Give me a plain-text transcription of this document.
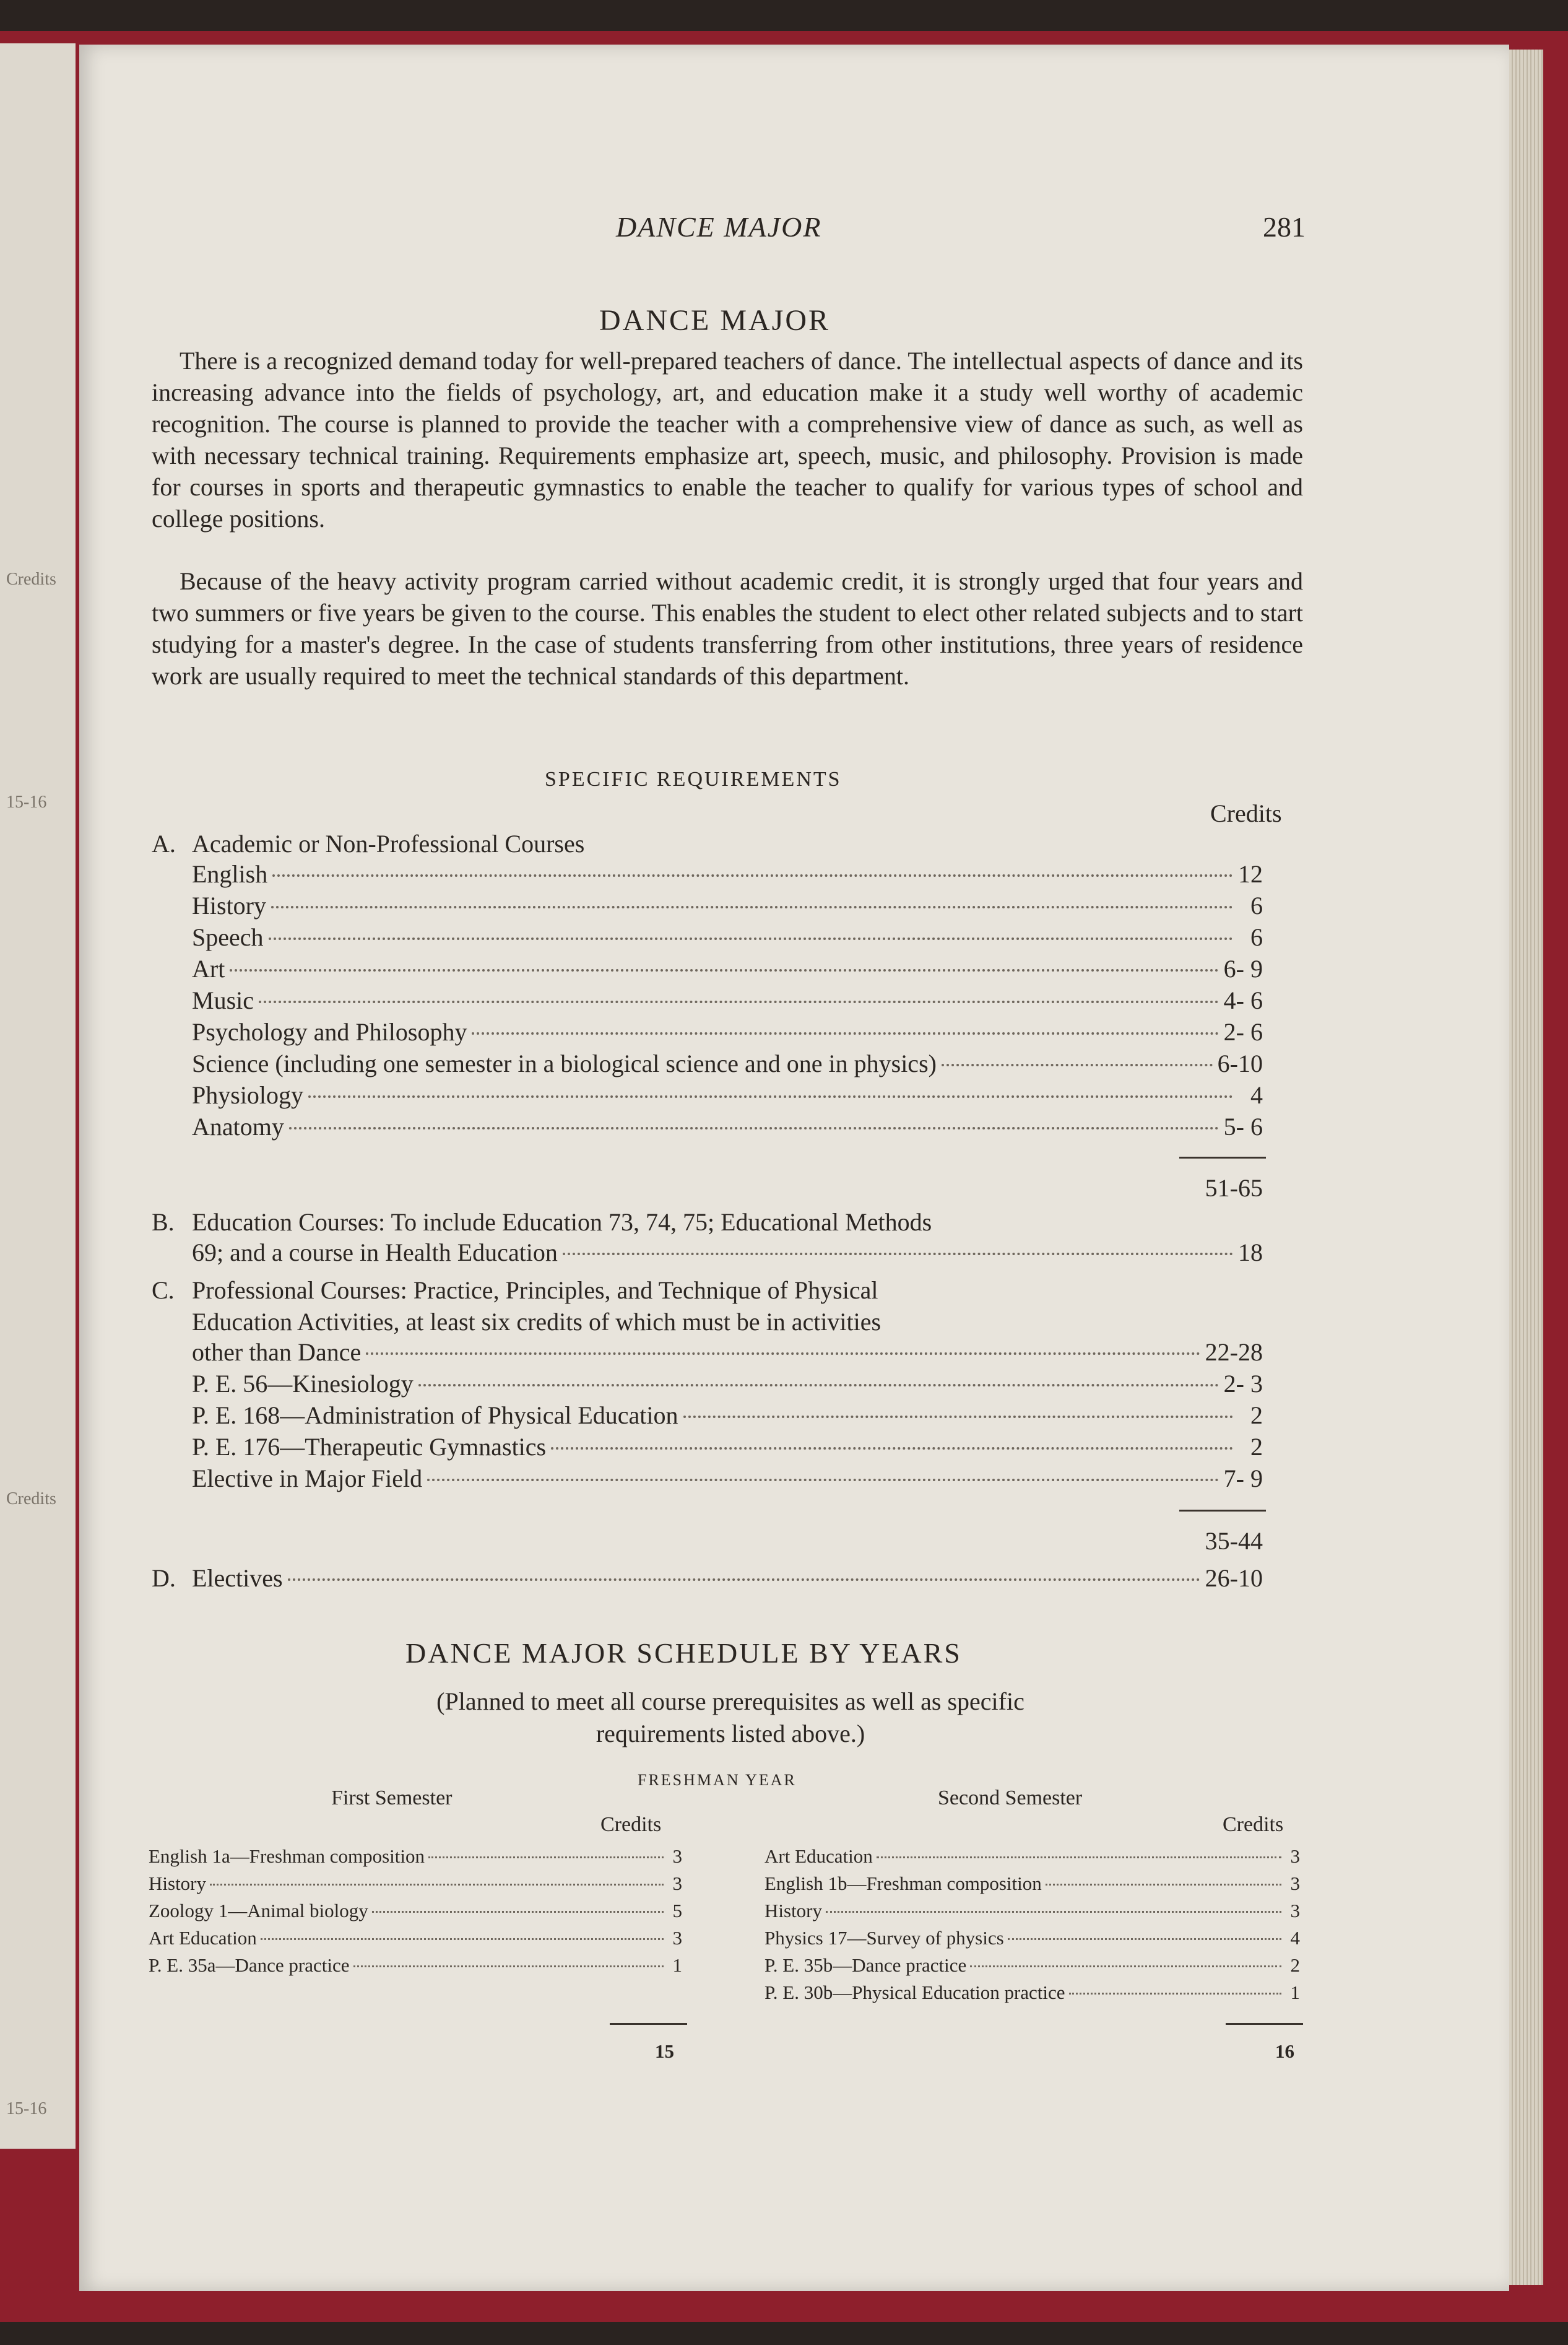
Credits
Credits
15-16
15-16
DANCE MAJOR	281
DANCE MAJOR

There is a recognized demand today for well-prepared teachers of dance. The intellectual aspects of dance and its increasing advance into the fields of psychology, art, and education make it a study well worthy of academic recognition. The course is planned to provide the teacher with a comprehensive view of dance as such, as well as with necessary technical training. Requirements emphasize art, speech, music, and philosophy. Provision is made for courses in sports and therapeutic gymnastics to enable the teacher to qualify for various types of school and college positions.

Because of the heavy activity program carried without academic credit, it is strongly urged that four years and two summers or five years be given to the course. This enables the student to elect other related subjects and to start studying for a master's degree. In the case of students transferring from other institutions, three years of residence work are usually required to meet the technical standards of this department.

SPECIFIC REQUIREMENTS
Credits
A. Academic or Non-Professional Courses
English	12
History	6
Speech	6
Art	6- 9
Music	4- 6
Psychology and Philosophy	2- 6
Science (including one semester in a biological science and one in physics)	6-10
Physiology	4
Anatomy	5- 6
51-65
B. Education Courses: To include Education 73, 74, 75; Educational Methods
69; and a course in Health Education	18
C. Professional Courses: Practice, Principles, and Technique of Physical
Education Activities, at least six credits of which must be in activities
other than Dance	22-28
P. E. 56—Kinesiology	2- 3
P. E. 168—Administration of Physical Education	2
P. E. 176—Therapeutic Gymnastics	2
Elective in Major Field	7- 9
35-44
D. Electives	26-10
DANCE MAJOR SCHEDULE BY YEARS
(Planned to meet all course prerequisites as well as specific
requirements listed above.)
FRESHMAN YEAR
First Semester	Second Semester
Credits	Credits
English 1a—Freshman composition	3
History	3
Zoology 1—Animal biology	5
Art Education	3
P. E. 35a—Dance practice	1
Art Education	3
English 1b—Freshman composition	3
History	3
Physics 17—Survey of physics	4
P. E. 35b—Dance practice	2
P. E. 30b—Physical Education practice	1
15	16
